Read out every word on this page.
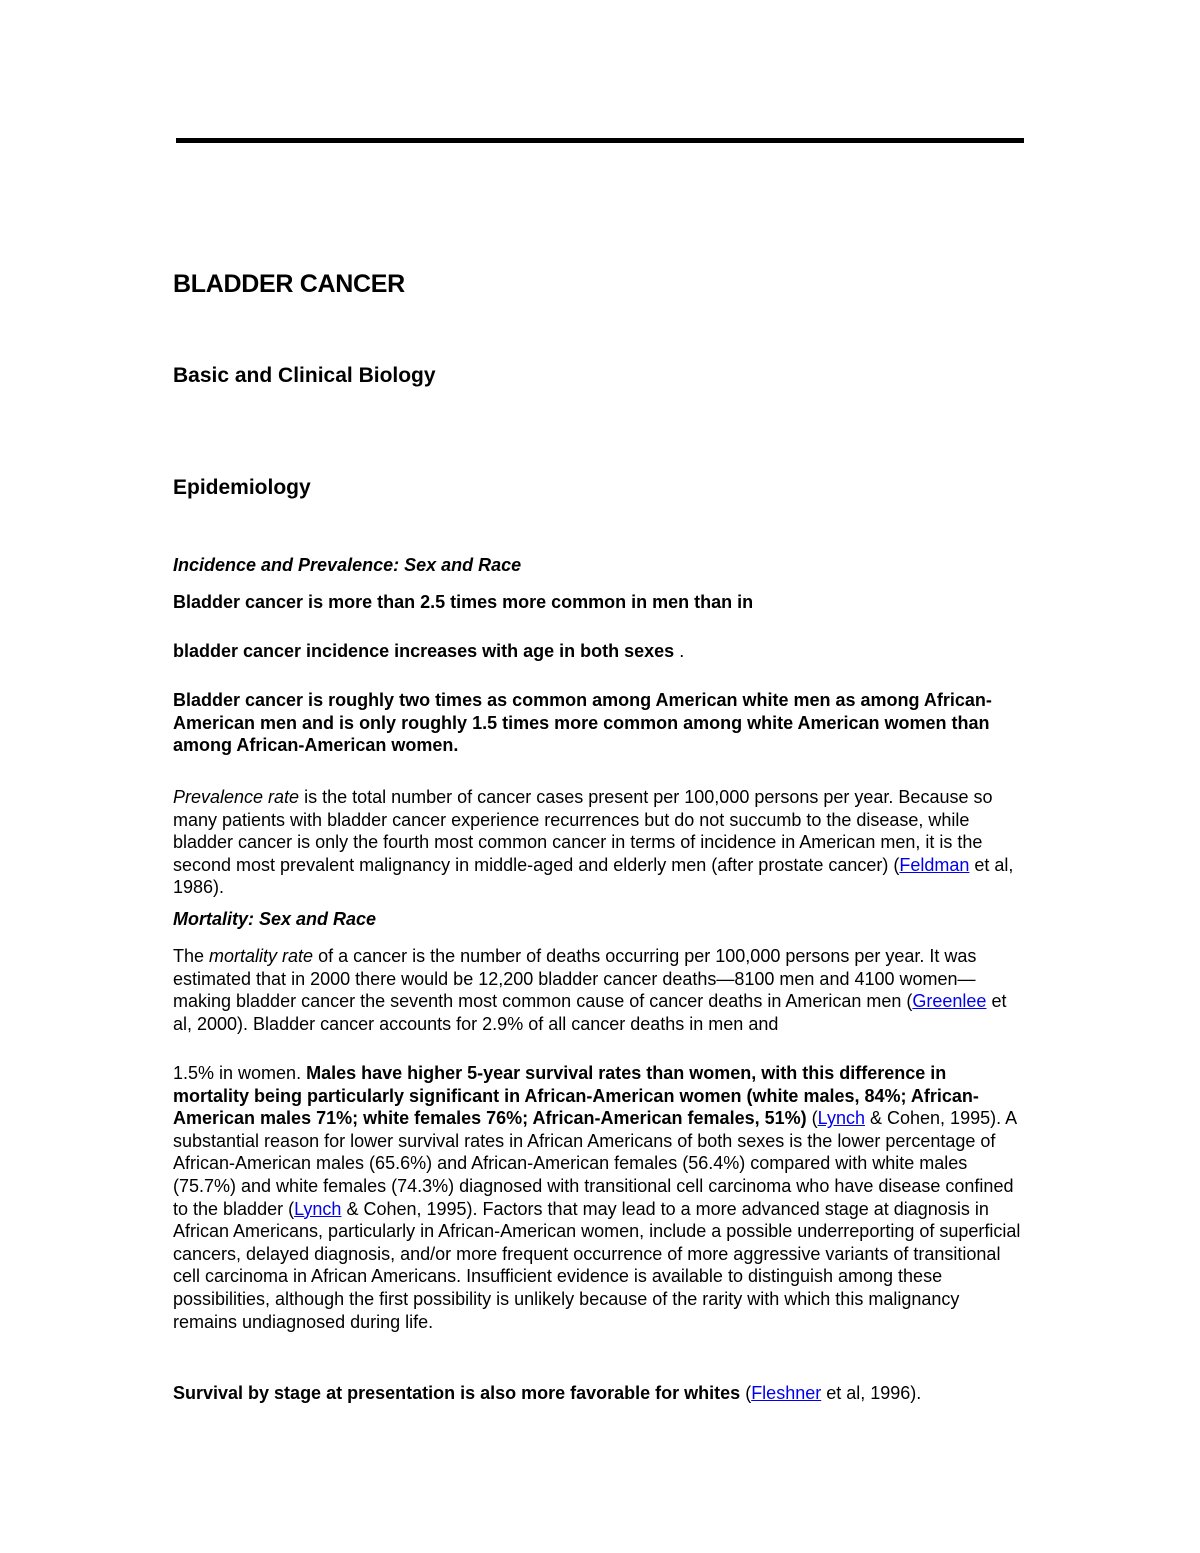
BLADDER CANCER
Basic and Clinical Biology
Epidemiology
Incidence and Prevalence: Sex and Race

Bladder cancer is more than 2.5 times more common in men than in

bladder cancer incidence increases with age in both sexes .

Bladder cancer is roughly two times as common among American white men as among African-American men and is only roughly 1.5 times more common among white American women than among African-American women.

Prevalence rate is the total number of cancer cases present per 100,000 persons per year. Because so many patients with bladder cancer experience recurrences but do not succumb to the disease, while bladder cancer is only the fourth most common cancer in terms of incidence in American men, it is the second most prevalent malignancy in middle-aged and elderly men (after prostate cancer) (Feldman et al, 1986).

Mortality: Sex and Race

The mortality rate of a cancer is the number of deaths occurring per 100,000 persons per year. It was estimated that in 2000 there would be 12,200 bladder cancer deaths—8100 men and 4100 women—making bladder cancer the seventh most common cause of cancer deaths in American men (Greenlee et al, 2000). Bladder cancer accounts for 2.9% of all cancer deaths in men and

1.5% in women. Males have higher 5-year survival rates than women, with this difference in mortality being particularly significant in African-American women (white males, 84%; African-American males 71%; white females 76%; African-American females, 51%) (Lynch & Cohen, 1995). A substantial reason for lower survival rates in African Americans of both sexes is the lower percentage of African-American males (65.6%) and African-American females (56.4%) compared with white males (75.7%) and white females (74.3%) diagnosed with transitional cell carcinoma who have disease confined to the bladder (Lynch & Cohen, 1995). Factors that may lead to a more advanced stage at diagnosis in African Americans, particularly in African-American women, include a possible underreporting of superficial cancers, delayed diagnosis, and/or more frequent occurrence of more aggressive variants of transitional cell carcinoma in African Americans. Insufficient evidence is available to distinguish among these possibilities, although the first possibility is unlikely because of the rarity with which this malignancy remains undiagnosed during life.

Survival by stage at presentation is also more favorable for whites (Fleshner et al, 1996).
